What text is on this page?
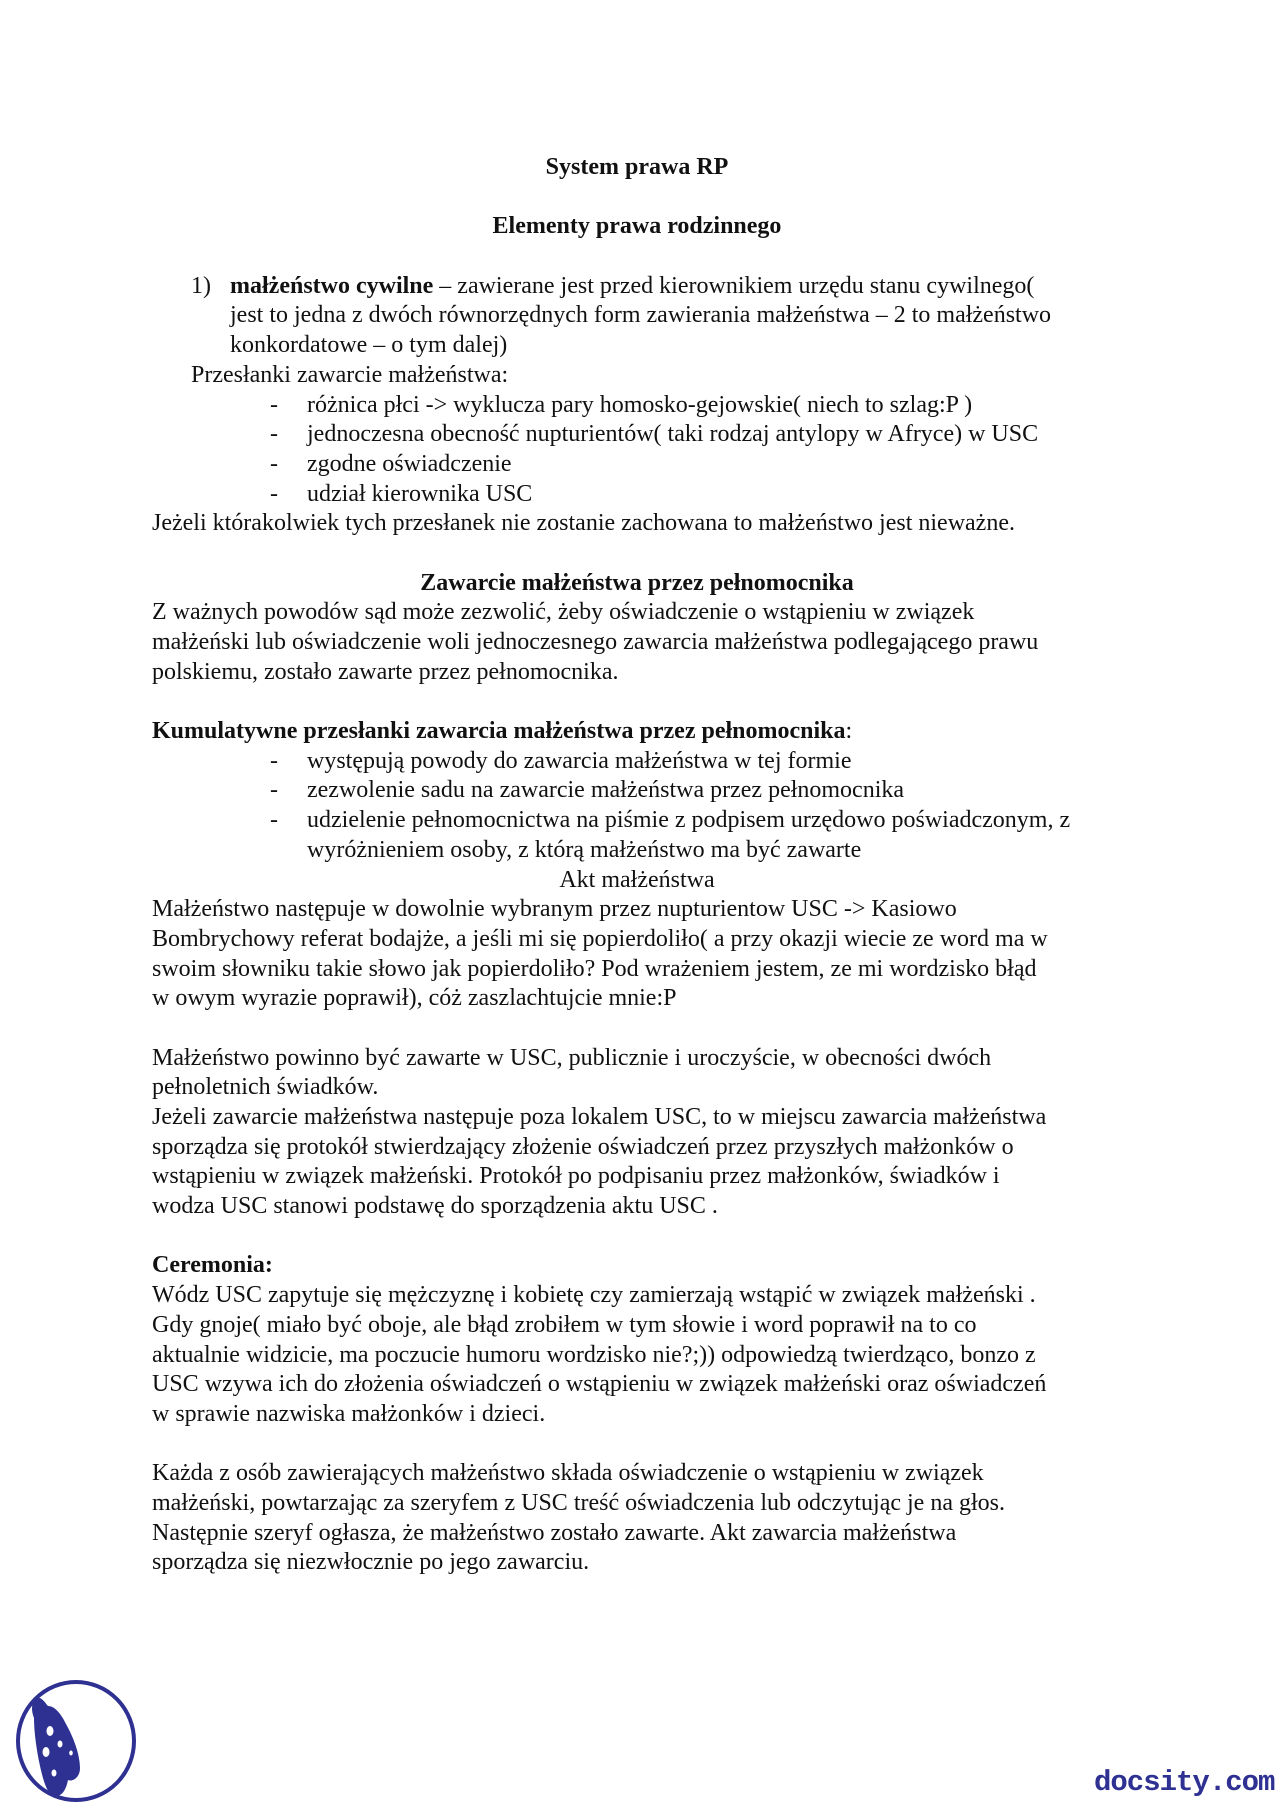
System prawa RP
Elementy prawa rodzinnego
1) małżeństwo cywilne – zawierane jest przed kierownikiem urzędu stanu cywilnego(
jest to jedna z dwóch równorzędnych form zawierania małżeństwa – 2 to małżeństwo
konkordatowe – o tym dalej)
Przesłanki zawarcie małżeństwa:
- różnica płci -> wyklucza pary homosko-gejowskie( niech to szlag:P )
- jednoczesna obecność nupturientów( taki rodzaj antylopy w Afryce) w USC
- zgodne oświadczenie
- udział kierownika USC
Jeżeli którakolwiek tych przesłanek nie zostanie zachowana to małżeństwo jest nieważne.
Zawarcie małżeństwa przez pełnomocnika
Z ważnych powodów sąd może zezwolić, żeby oświadczenie o wstąpieniu w związek
małżeński lub oświadczenie woli jednoczesnego zawarcia małżeństwa podlegającego prawu
polskiemu, zostało zawarte przez pełnomocnika.
Kumulatywne przesłanki zawarcia małżeństwa przez pełnomocnika:
- występują powody do zawarcia małżeństwa w tej formie
- zezwolenie sadu na zawarcie małżeństwa przez pełnomocnika
- udzielenie pełnomocnictwa na piśmie z podpisem urzędowo poświadczonym, z
wyróżnieniem osoby, z którą małżeństwo ma być zawarte
Akt małżeństwa
Małżeństwo następuje w dowolnie wybranym przez nupturientow USC -> Kasiowo
Bombrychowy referat bodajże, a jeśli mi się popierdoliło( a przy okazji wiecie ze word ma w
swoim słowniku takie słowo jak popierdoliło? Pod wrażeniem jestem, ze mi wordzisko błąd
w owym wyrazie poprawił), cóż zaszlachtujcie mnie:P
Małżeństwo powinno być zawarte w USC, publicznie i uroczyście, w obecności dwóch
pełnoletnich świadków.
Jeżeli zawarcie małżeństwa następuje poza lokalem USC, to w miejscu zawarcia małżeństwa
sporządza się protokół stwierdzający złożenie oświadczeń przez przyszłych małżonków o
wstąpieniu w związek małżeński. Protokół po podpisaniu przez małżonków, świadków i
wodza USC stanowi podstawę do sporządzenia aktu USC .
Ceremonia:
Wódz USC zapytuje się mężczyznę i kobietę czy zamierzają wstąpić w związek małżeński .
Gdy gnoje( miało być oboje, ale błąd zrobiłem w tym słowie i word poprawił na to co
aktualnie widzicie, ma poczucie humoru wordzisko nie?;)) odpowiedzą twierdząco, bonzo z
USC wzywa ich do złożenia oświadczeń o wstąpieniu w związek małżeński oraz oświadczeń
w sprawie nazwiska małżonków i dzieci.
Każda z osób zawierających małżeństwo składa oświadczenie o wstąpieniu w związek
małżeński, powtarzając za szeryfem z USC treść oświadczenia lub odczytując je na głos.
Następnie szeryf ogłasza, że małżeństwo zostało zawarte. Akt zawarcia małżeństwa
sporządza się niezwłocznie po jego zawarciu.
docsity.com
